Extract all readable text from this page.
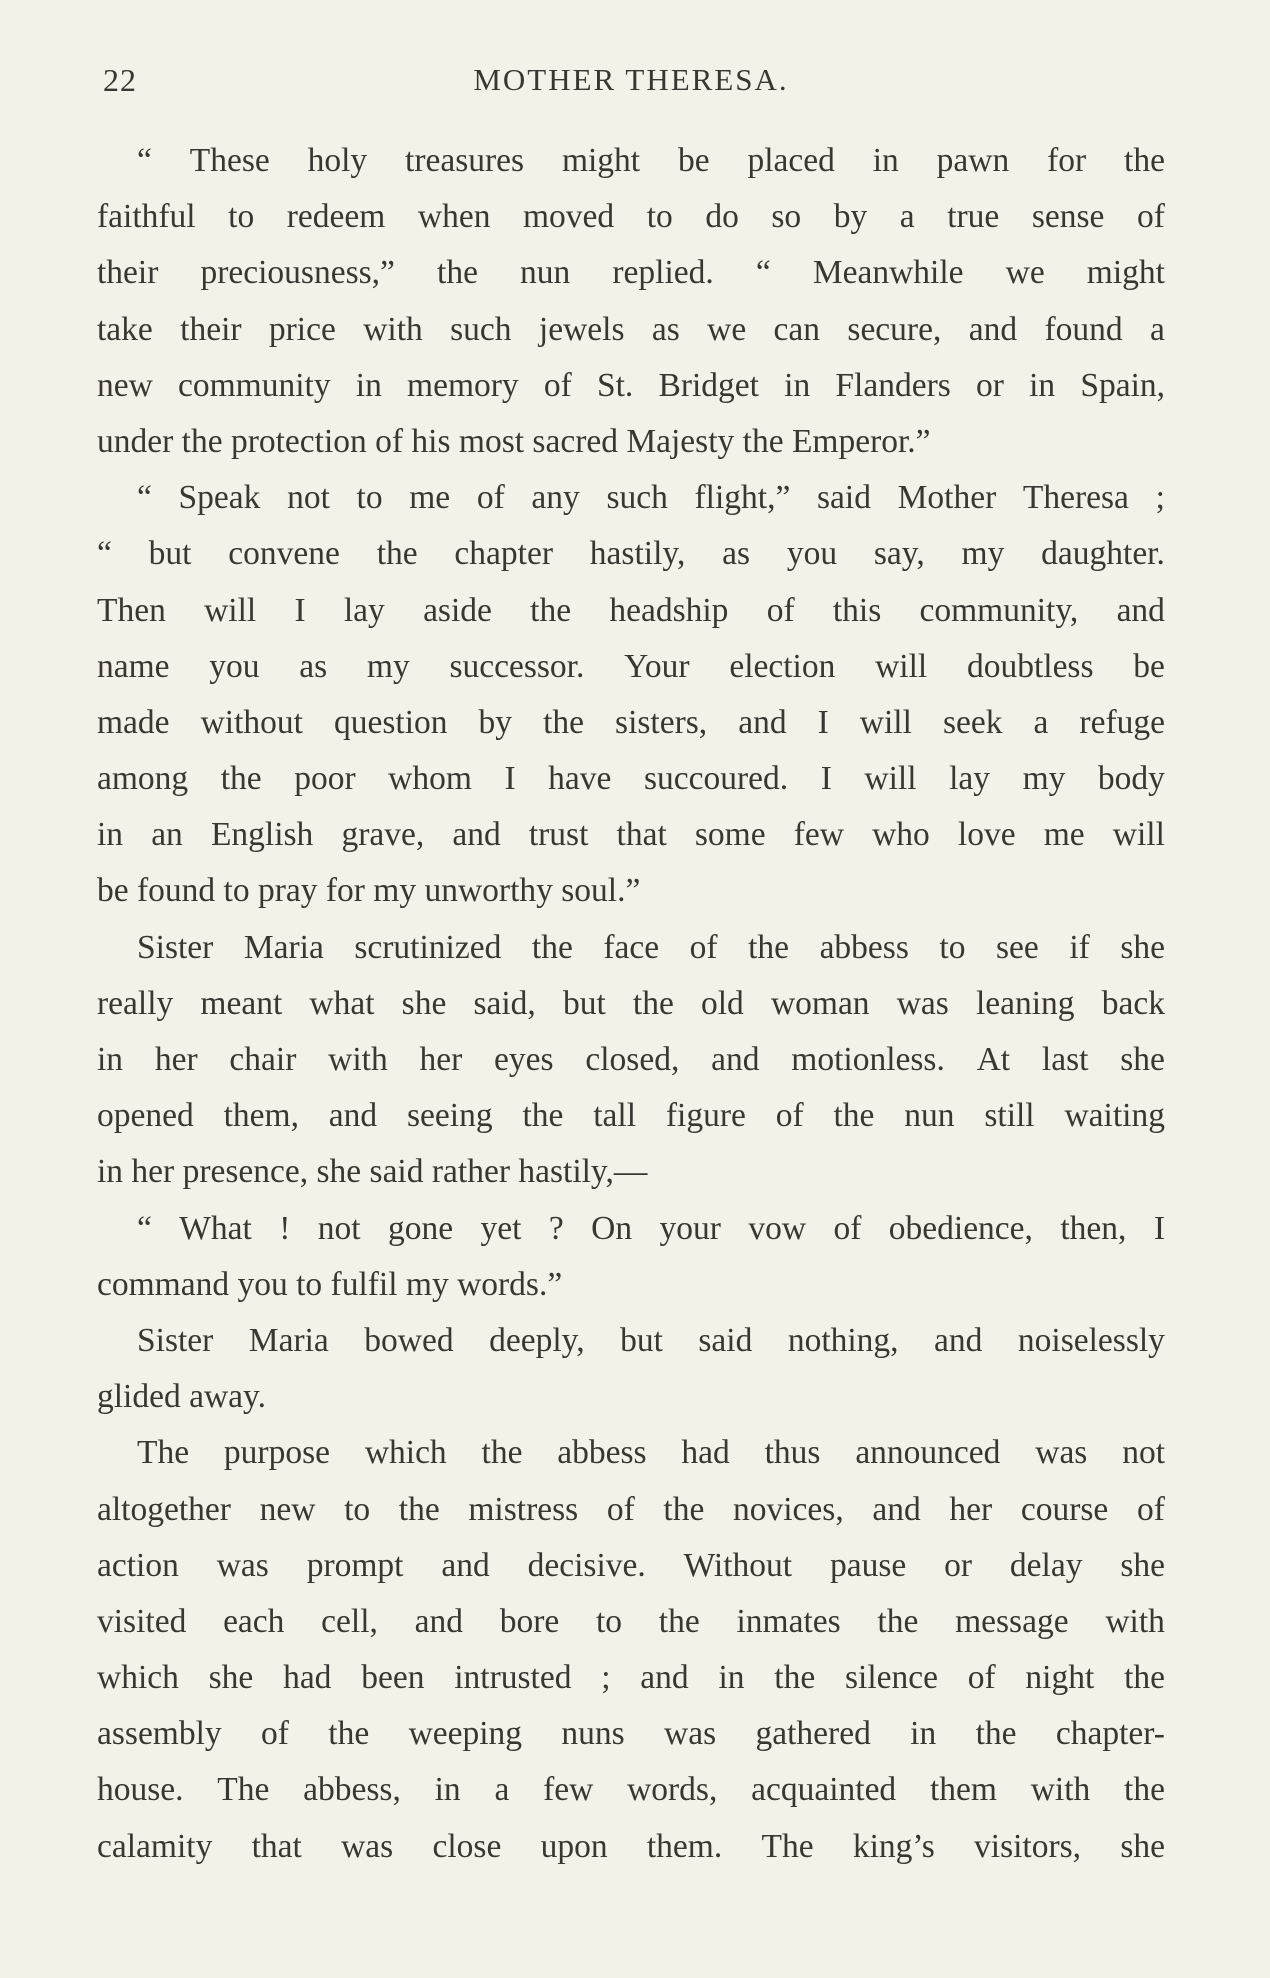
22	MOTHER THERESA.
“ These holy treasures might be placed in pawn for the
faithful to redeem when moved to do so by a true sense of
their preciousness,” the nun replied. “ Meanwhile we might
take their price with such jewels as we can secure, and found a
new community in memory of St. Bridget in Flanders or in Spain,
under the protection of his most sacred Majesty the Emperor.”
“ Speak not to me of any such flight,” said Mother Theresa ;
“ but convene the chapter hastily, as you say, my daughter.
Then will I lay aside the headship of this community, and
name you as my successor. Your election will doubtless be
made without question by the sisters, and I will seek a refuge
among the poor whom I have succoured. I will lay my body
in an English grave, and trust that some few who love me will
be found to pray for my unworthy soul.”
Sister Maria scrutinized the face of the abbess to see if she
really meant what she said, but the old woman was leaning back
in her chair with her eyes closed, and motionless. At last she
opened them, and seeing the tall figure of the nun still waiting
in her presence, she said rather hastily,—
“ What ! not gone yet ? On your vow of obedience, then, I
command you to fulfil my words.”
Sister Maria bowed deeply, but said nothing, and noiselessly
glided away.
The purpose which the abbess had thus announced was not
altogether new to the mistress of the novices, and her course of
action was prompt and decisive. Without pause or delay she
visited each cell, and bore to the inmates the message with
which she had been intrusted ; and in the silence of night the
assembly of the weeping nuns was gathered in the chapter-
house. The abbess, in a few words, acquainted them with the
calamity that was close upon them. The king’s visitors, she
